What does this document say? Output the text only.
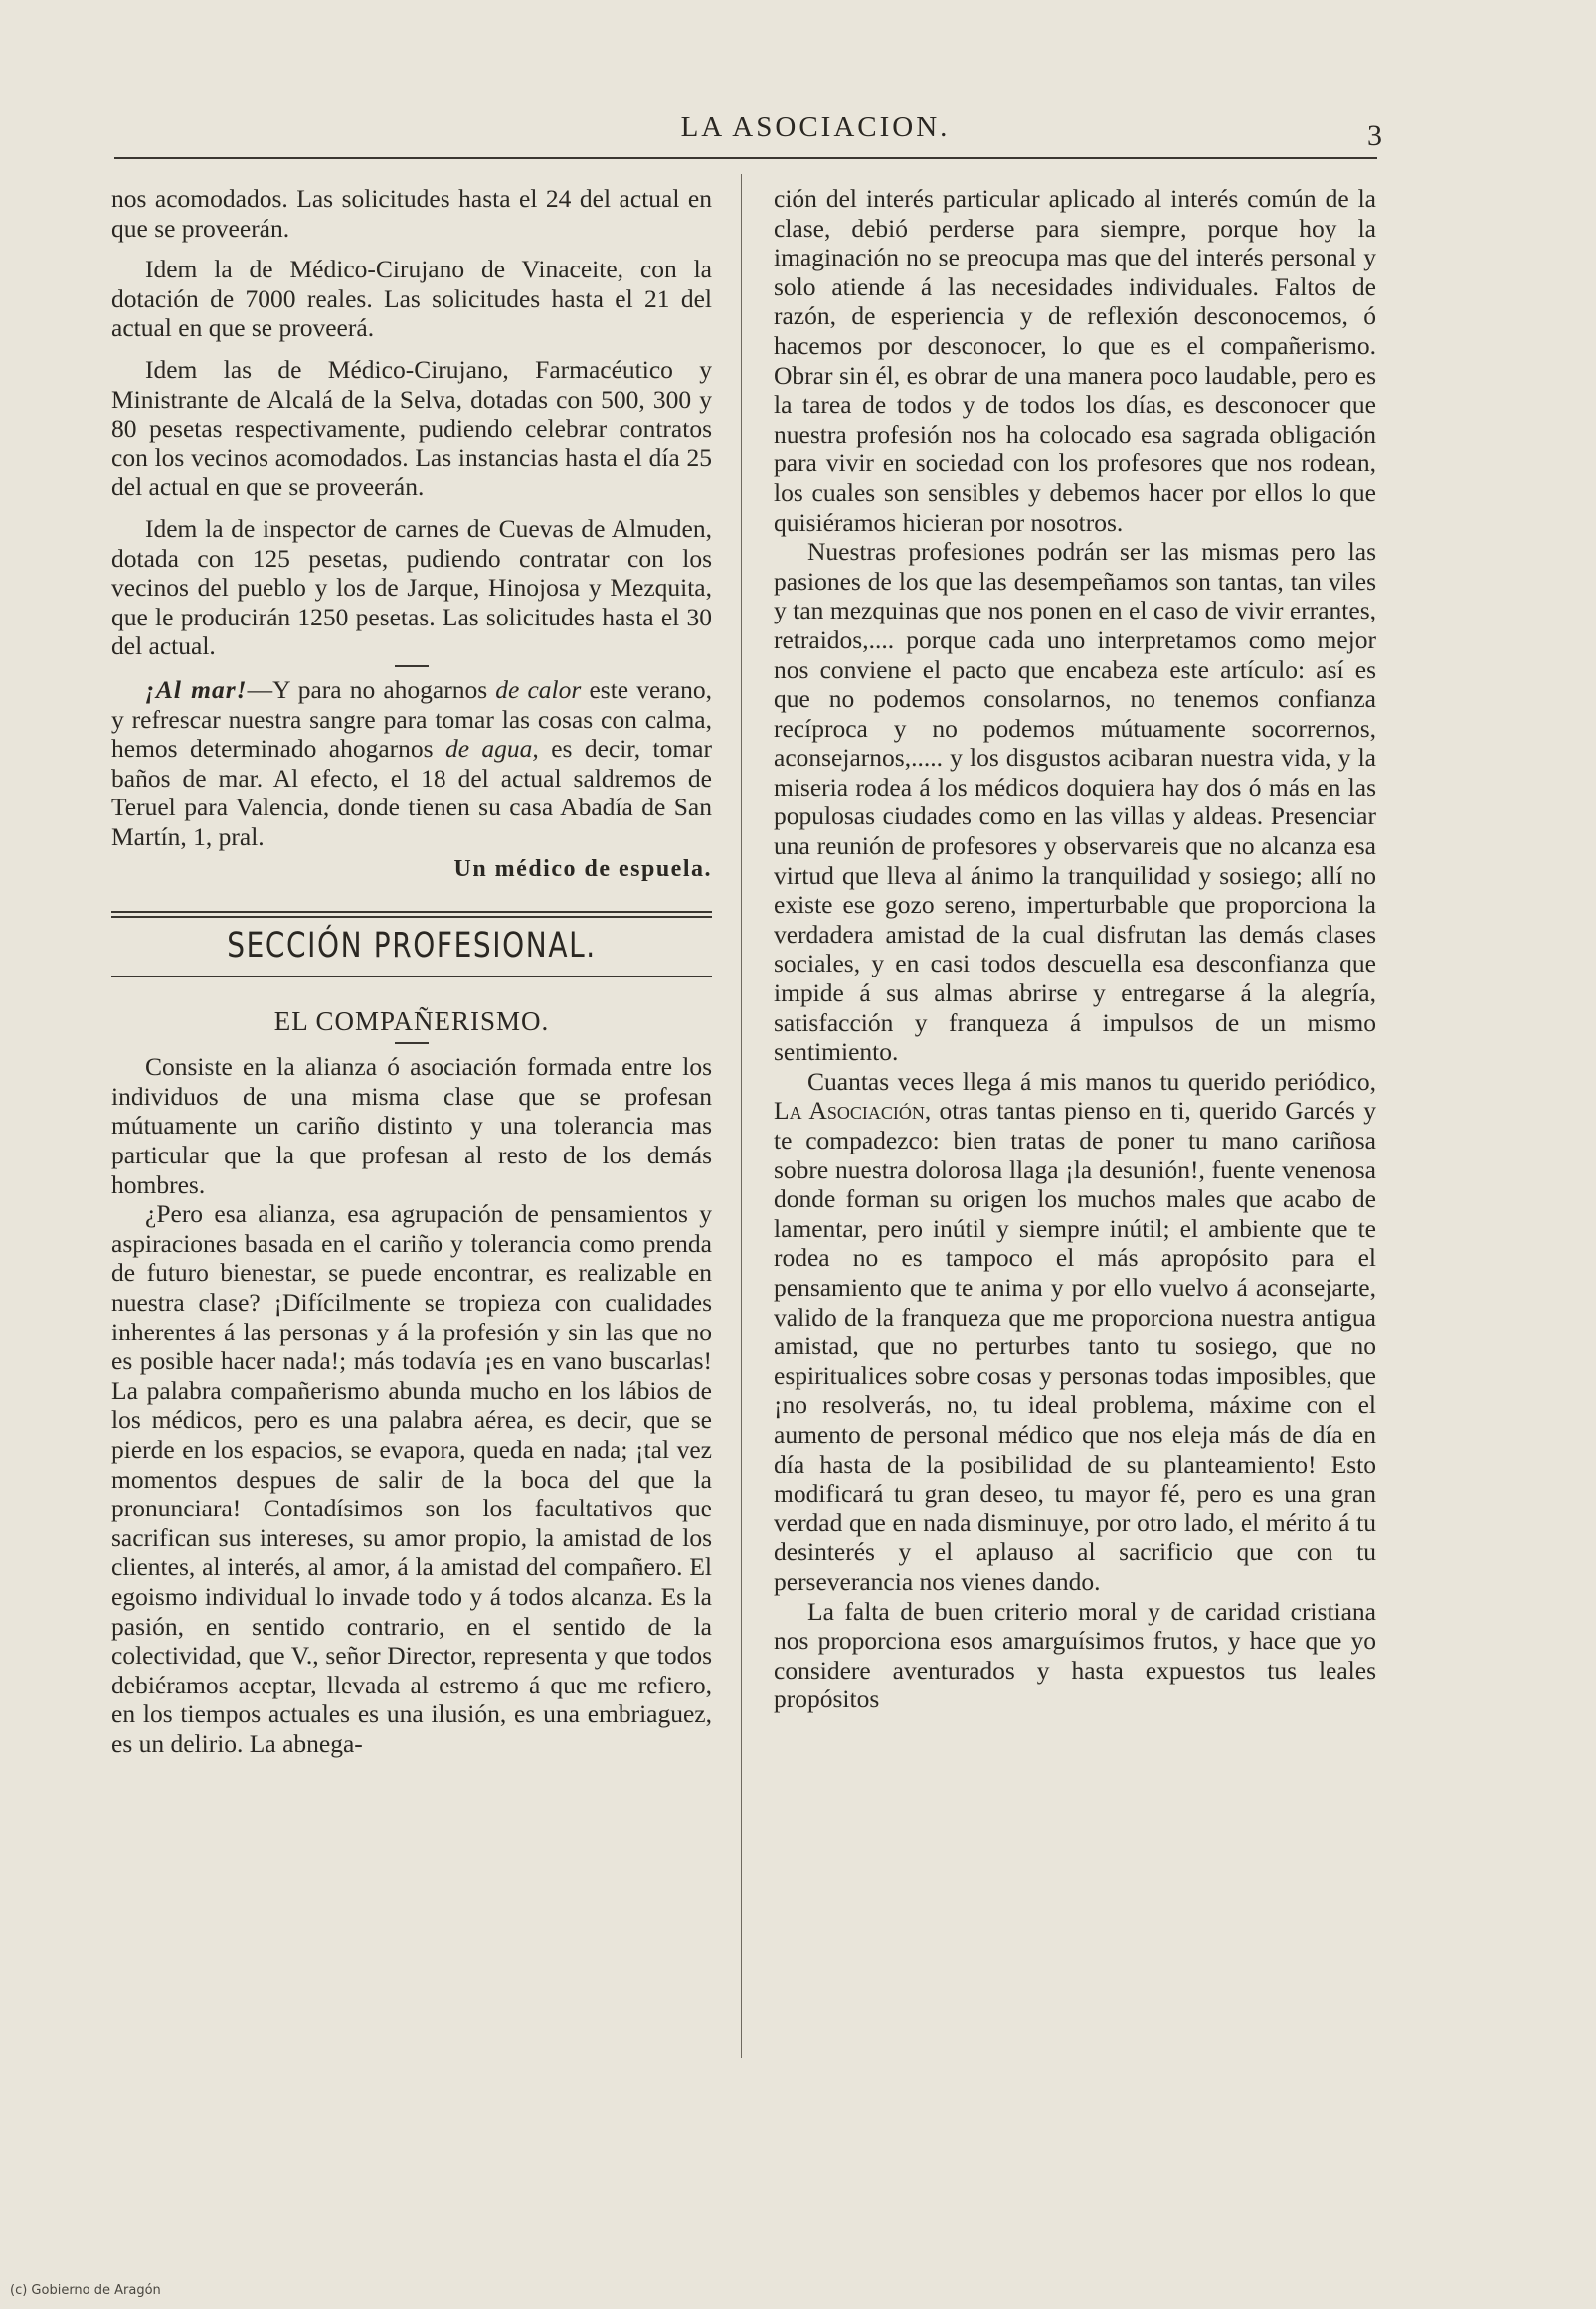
LA ASOCIACION.	3

nos acomodados. Las solicitudes hasta el 24 del actual en que se proveerán.

Idem la de Médico-Cirujano de Vinaceite, con la dotación de 7000 reales. Las solicitudes hasta el 21 del actual en que se proveerá.

Idem las de Médico-Cirujano, Farmacéutico y Ministrante de Alcalá de la Selva, dotadas con 500, 300 y 80 pesetas respectivamente, pudiendo celebrar contratos con los vecinos acomodados. Las instancias hasta el día 25 del actual en que se proveerán.

Idem la de inspector de carnes de Cuevas de Almuden, dotada con 125 pesetas, pudiendo contratar con los vecinos del pueblo y los de Jarque, Hinojosa y Mezquita, que le producirán 1250 pesetas. Las solicitudes hasta el 30 del actual.

¡Al mar!—Y para no ahogarnos de calor este verano, y refrescar nuestra sangre para tomar las cosas con calma, hemos determinado ahogarnos de agua, es decir, tomar baños de mar. Al efecto, el 18 del actual saldremos de Teruel para Valencia, donde tienen su casa Abadía de San Martín, 1, pral.

Un médico de espuela.

SECCIÓN PROFESIONAL.

EL COMPAÑERISMO.

Consiste en la alianza ó asociación formada entre los individuos de una misma clase que se profesan mútuamente un cariño distinto y una tolerancia mas particular que la que profesan al resto de los demás hombres.

¿Pero esa alianza, esa agrupación de pensamientos y aspiraciones basada en el cariño y tolerancia como prenda de futuro bienestar, se puede encontrar, es realizable en nuestra clase? ¡Difícilmente se tropieza con cualidades inherentes á las personas y á la profesión y sin las que no es posible hacer nada!; más todavía ¡es en vano buscarlas! La palabra compañerismo abunda mucho en los lábios de los médicos, pero es una palabra aérea, es decir, que se pierde en los espacios, se evapora, queda en nada; ¡tal vez momentos despues de salir de la boca del que la pronunciara! Contadísimos son los facultativos que sacrifican sus intereses, su amor propio, la amistad de los clientes, al interés, al amor, á la amistad del compañero. El egoismo individual lo invade todo y á todos alcanza. Es la pasión, en sentido contrario, en el sentido de la colectividad, que V., señor Director, representa y que todos debiéramos aceptar, llevada al estremo á que me refiero, en los tiempos actuales es una ilusión, es una embriaguez, es un delirio. La abnega-

ción del interés particular aplicado al interés común de la clase, debió perderse para siempre, porque hoy la imaginación no se preocupa mas que del interés personal y solo atiende á las necesidades individuales. Faltos de razón, de esperiencia y de reflexión desconocemos, ó hacemos por desconocer, lo que es el compañerismo. Obrar sin él, es obrar de una manera poco laudable, pero es la tarea de todos y de todos los días, es desconocer que nuestra profesión nos ha colocado esa sagrada obligación para vivir en sociedad con los profesores que nos rodean, los cuales son sensibles y debemos hacer por ellos lo que quisiéramos hicieran por nosotros.

Nuestras profesiones podrán ser las mismas pero las pasiones de los que las desempeñamos son tantas, tan viles y tan mezquinas que nos ponen en el caso de vivir errantes, retraidos,.... porque cada uno interpretamos como mejor nos conviene el pacto que encabeza este artículo: así es que no podemos consolarnos, no tenemos confianza recíproca y no podemos mútuamente socorrernos, aconsejarnos,..... y los disgustos acibaran nuestra vida, y la miseria rodea á los médicos doquiera hay dos ó más en las populosas ciudades como en las villas y aldeas. Presenciar una reunión de profesores y observareis que no alcanza esa virtud que lleva al ánimo la tranquilidad y sosiego; allí no existe ese gozo sereno, imperturbable que proporciona la verdadera amistad de la cual disfrutan las demás clases sociales, y en casi todos descuella esa desconfianza que impide á sus almas abrirse y entregarse á la alegría, satisfacción y franqueza á impulsos de un mismo sentimiento.

Cuantas veces llega á mis manos tu querido periódico, La Asociación, otras tantas pienso en ti, querido Garcés y te compadezco: bien tratas de poner tu mano cariñosa sobre nuestra dolorosa llaga ¡la desunión!, fuente venenosa donde forman su origen los muchos males que acabo de lamentar, pero inútil y siempre inútil; el ambiente que te rodea no es tampoco el más apropósito para el pensamiento que te anima y por ello vuelvo á aconsejarte, valido de la franqueza que me proporciona nuestra antigua amistad, que no perturbes tanto tu sosiego, que no espiritualices sobre cosas y personas todas imposibles, que ¡no resolverás, no, tu ideal problema, máxime con el aumento de personal médico que nos eleja más de día en día hasta de la posibilidad de su planteamiento! Esto modificará tu gran deseo, tu mayor fé, pero es una gran verdad que en nada disminuye, por otro lado, el mérito á tu desinterés y el aplauso al sacrificio que con tu perseverancia nos vienes dando.

La falta de buen criterio moral y de caridad cristiana nos proporciona esos amarguísimos frutos, y hace que yo considere aventurados y hasta expuestos tus leales propósitos

(c) Gobierno de Aragón
